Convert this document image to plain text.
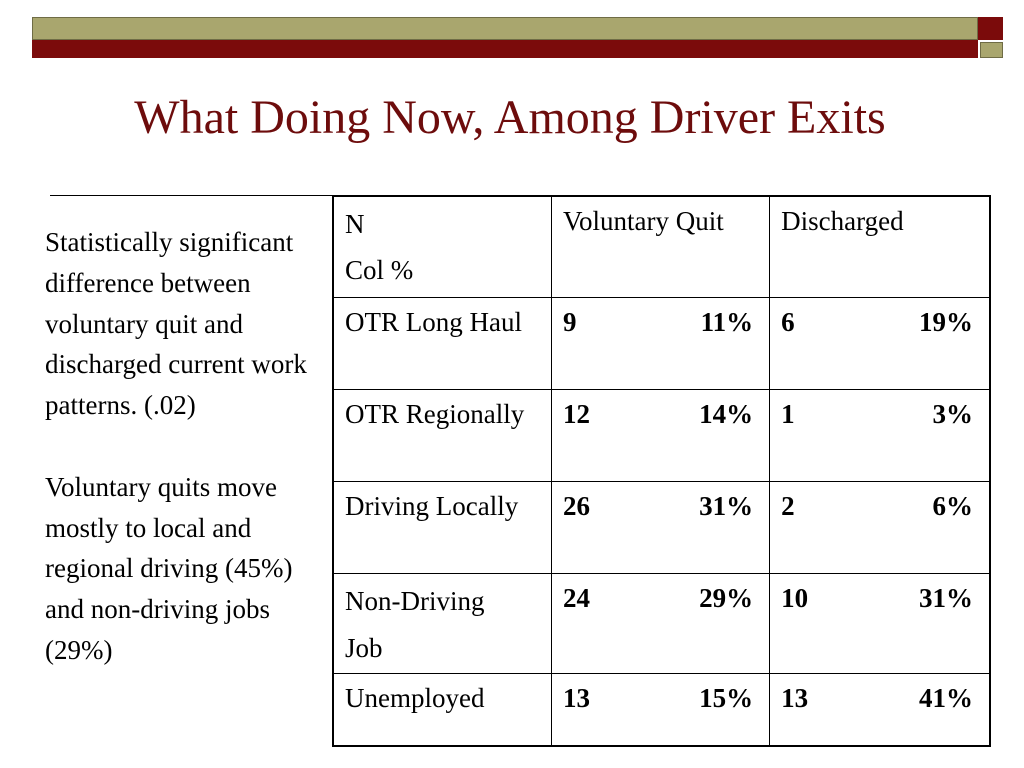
What Doing Now, Among Driver Exits

Statistically significant difference between voluntary quit and discharged current work patterns. (.02)

Voluntary quits move mostly to local and regional driving (45%) and non-driving jobs (29%)

N
Col %	Voluntary Quit	Discharged
OTR Long Haul	9 11%	6 19%

OTR Regionally	12 14%	1 3%

Driving Locally	26 31%	2 6%

Non-Driving
Job	24 29%	10 31%

Unemployed	13 15%	13 41%
